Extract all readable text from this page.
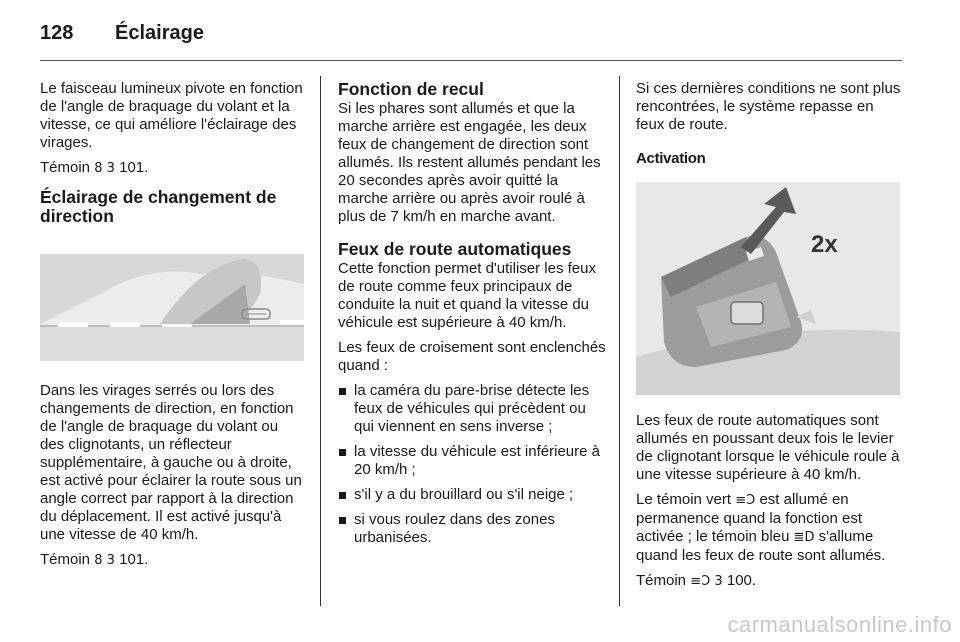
128	Éclairage

Le faisceau lumineux pivote en fonction de l'angle de braquage du volant et la vitesse, ce qui améliore l'éclairage des virages.

Témoin 8 3 101.

Éclairage de changement de direction

Dans les virages serrés ou lors des changements de direction, en fonction de l'angle de braquage du volant ou des clignotants, un réflecteur supplémentaire, à gauche ou à droite, est activé pour éclairer la route sous un angle correct par rapport à la direction du déplacement. Il est activé jusqu'à une vitesse de 40 km/h.

Témoin 8 3 101.

Fonction de recul

Si les phares sont allumés et que la marche arrière est engagée, les deux feux de changement de direction sont allumés. Ils restent allumés pendant les 20 secondes après avoir quitté la marche arrière ou après avoir roulé à plus de 7 km/h en marche avant.

Feux de route automatiques

Cette fonction permet d'utiliser les feux de route comme feux principaux de conduite la nuit et quand la vitesse du véhicule est supérieure à 40 km/h.

Les feux de croisement sont enclenchés quand :

la caméra du pare-brise détecte les feux de véhicules qui précèdent ou qui viennent en sens inverse ;
la vitesse du véhicule est inférieure à 20 km/h ;
s'il y a du brouillard ou s'il neige ;
si vous roulez dans des zones urbanisées.

Si ces dernières conditions ne sont plus rencontrées, le système repasse en feux de route.

Activation
2x

Les feux de route automatiques sont allumés en poussant deux fois le levier de clignotant lorsque le véhicule roule à une vitesse supérieure à 40 km/h.

Le témoin vert ≡Ɔ est allumé en permanence quand la fonction est activée ; le témoin bleu ≣D s'allume quand les feux de route sont allumés.

Témoin ≡Ɔ 3 100.

carmanualsonline.info
